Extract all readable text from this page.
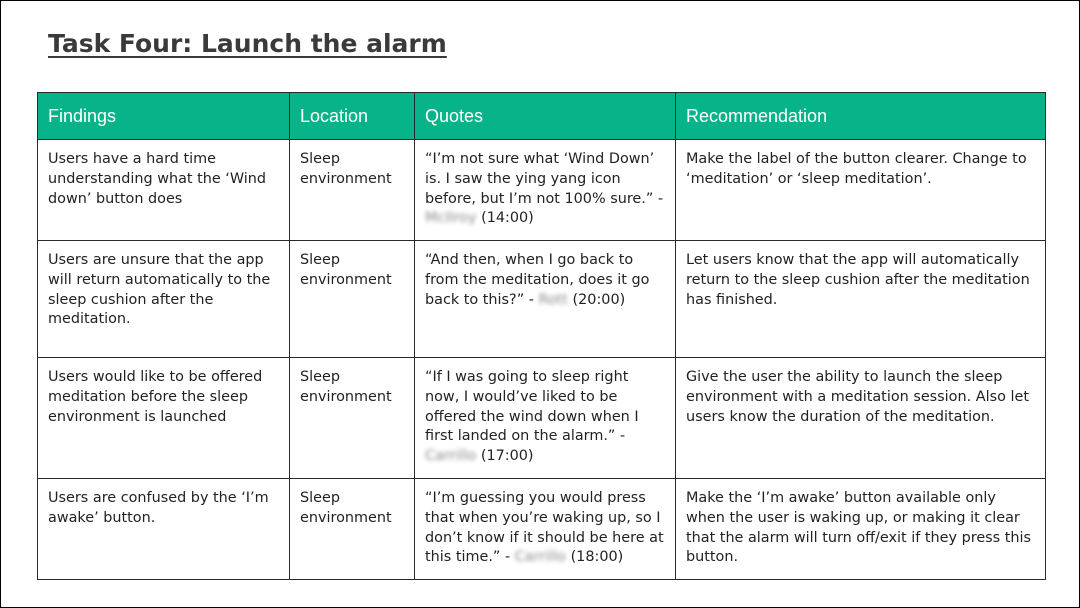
Task Four: Launch the alarm
Findings	Location	Quotes	Recommendation
Users have a hard time understanding what the ‘Wind down’ button does	Sleep environment	“I’m not sure what ‘Wind Down’ is. I saw the ying yang icon before, but I’m not 100% sure.” - McIlroy (14:00)	Make the label of the button clearer. Change to ‘meditation’ or ‘sleep meditation’.
Users are unsure that the app will return automatically to the sleep cushion after the meditation.	Sleep environment	“And then, when I go back to from the meditation, does it go back to this?” - Rott (20:00)	Let users know that the app will automatically return to the sleep cushion after the meditation has finished.
Users would like to be offered meditation before the sleep environment is launched	Sleep environment	“If I was going to sleep right now, I would’ve liked to be offered the wind down when I first landed on the alarm.” - Carrillo (17:00)	Give the user the ability to launch the sleep environment with a meditation session. Also let users know the duration of the meditation.
Users are confused by the ‘I’m awake’ button.	Sleep environment	“I’m guessing you would press that when you’re waking up, so I don’t know if it should be here at this time.” - Carrillo (18:00)	Make the ‘I’m awake’ button available only when the user is waking up, or making it clear that the alarm will turn off/exit if they press this button.
